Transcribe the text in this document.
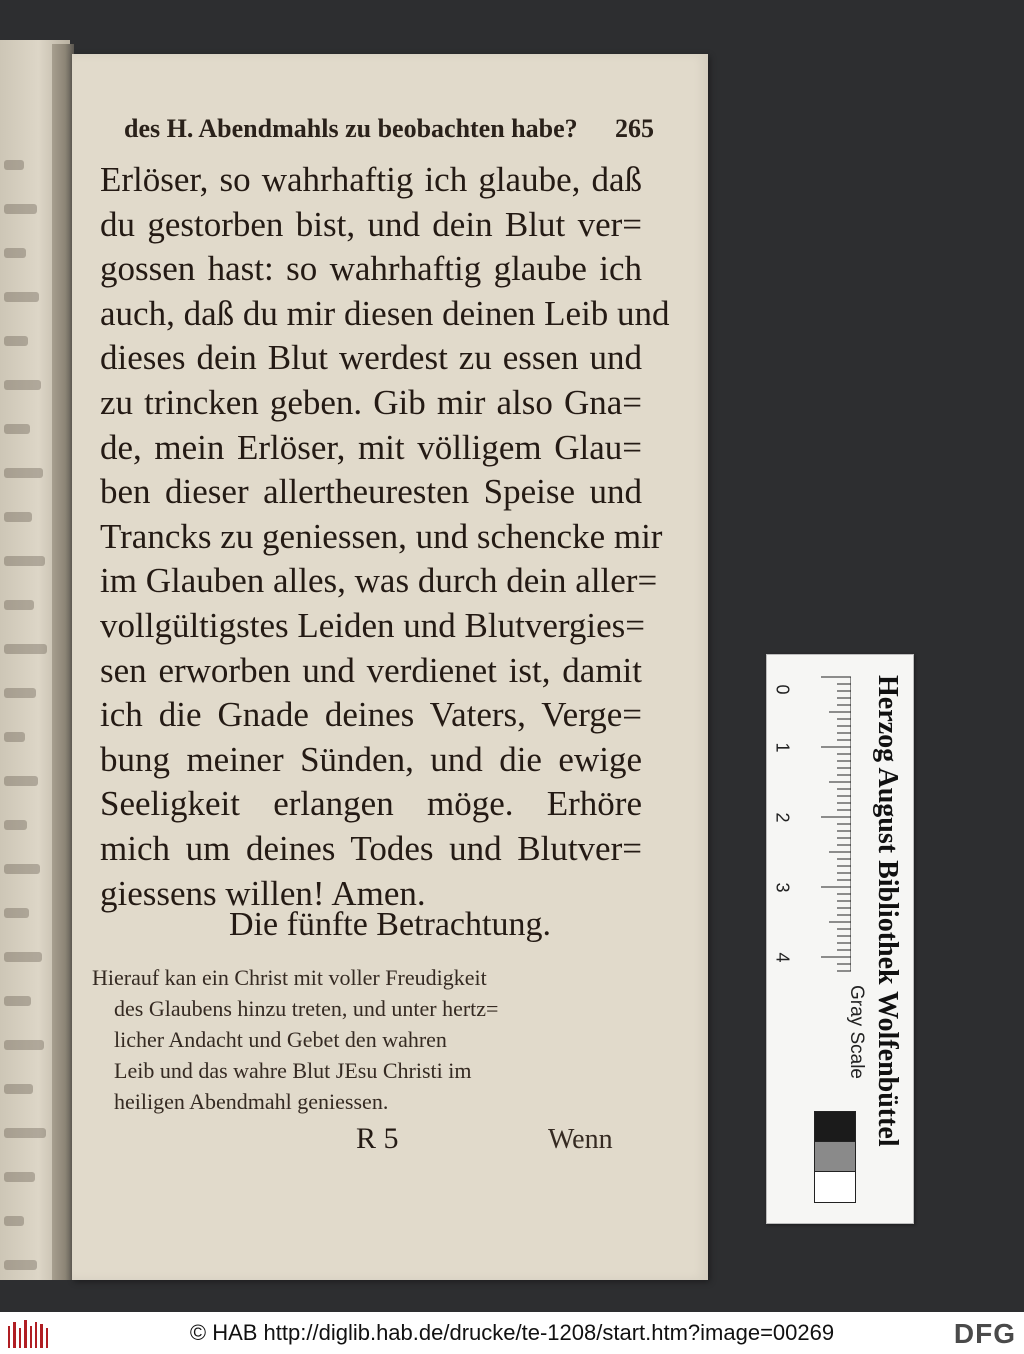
des H. Abendmahls zu beobachten habe? 265
Erlöser, so wahrhaftig ich glaube, daß
du gestorben bist, und dein Blut ver=
gossen hast: so wahrhaftig glaube ich
auch, daß du mir diesen deinen Leib und
dieses dein Blut werdest zu essen und
zu trincken geben. Gib mir also Gna=
de, mein Erlöser, mit völligem Glau=
ben dieser allertheuresten Speise und
Trancks zu geniessen, und schencke mir
im Glauben alles, was durch dein aller=
vollgültigstes Leiden und Blutvergies=
sen erworben und verdienet ist, damit
ich die Gnade deines Vaters, Verge=
bung meiner Sünden, und die ewige
Seeligkeit erlangen möge. Erhöre
mich um deines Todes und Blutver=
giessens willen! Amen.
Die fünfte Betrachtung.
Hierauf kan ein Christ mit voller Freudigkeit
des Glaubens hinzu treten, und unter hertz=
licher Andacht und Gebet den wahren
Leib und das wahre Blut JEsu Christi im
heiligen Abendmahl geniessen.
R 5	Wenn
0
1
2
3
4	Herzog August Bibliothek Wolfenbüttel
Gray Scale
© HAB http://diglib.hab.de/drucke/te-1208/start.htm?image=00269	DFG
